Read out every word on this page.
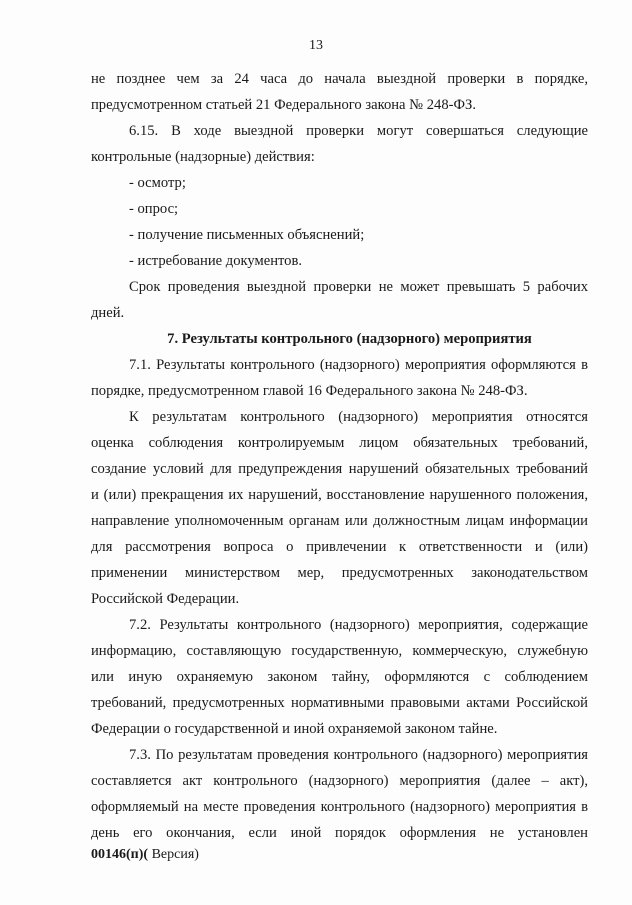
13

не позднее чем за 24 часа до начала выездной проверки в порядке,
предусмотренном статьей 21 Федерального закона № 248-ФЗ.

6.15. В ходе выездной проверки могут совершаться следующие
контрольные (надзорные) действия:

- осмотр;

- опрос;

- получение письменных объяснений;

- истребование документов.

Срок проведения выездной проверки не может превышать 5 рабочих
дней.

7. Результаты контрольного (надзорного) мероприятия

7.1. Результаты контрольного (надзорного) мероприятия оформляются в
порядке, предусмотренном главой 16 Федерального закона № 248-ФЗ.

К результатам контрольного (надзорного) мероприятия относятся
оценка соблюдения контролируемым лицом обязательных требований,
создание условий для предупреждения нарушений обязательных требований
и (или) прекращения их нарушений, восстановление нарушенного положения,
направление уполномоченным органам или должностным лицам информации
для рассмотрения вопроса о привлечении к ответственности и (или)
применении министерством мер, предусмотренных законодательством
Российской Федерации.

7.2. Результаты контрольного (надзорного) мероприятия, содержащие
информацию, составляющую государственную, коммерческую, служебную
или иную охраняемую законом тайну, оформляются с соблюдением
требований, предусмотренных нормативными правовыми актами Российской
Федерации о государственной и иной охраняемой законом тайне.

7.3. По результатам проведения контрольного (надзорного) мероприятия
составляется акт контрольного (надзорного) мероприятия (далее – акт),
оформляемый на месте проведения контрольного (надзорного) мероприятия в
день его окончания, если иной порядок оформления не установлен

00146(п)( Версия)
